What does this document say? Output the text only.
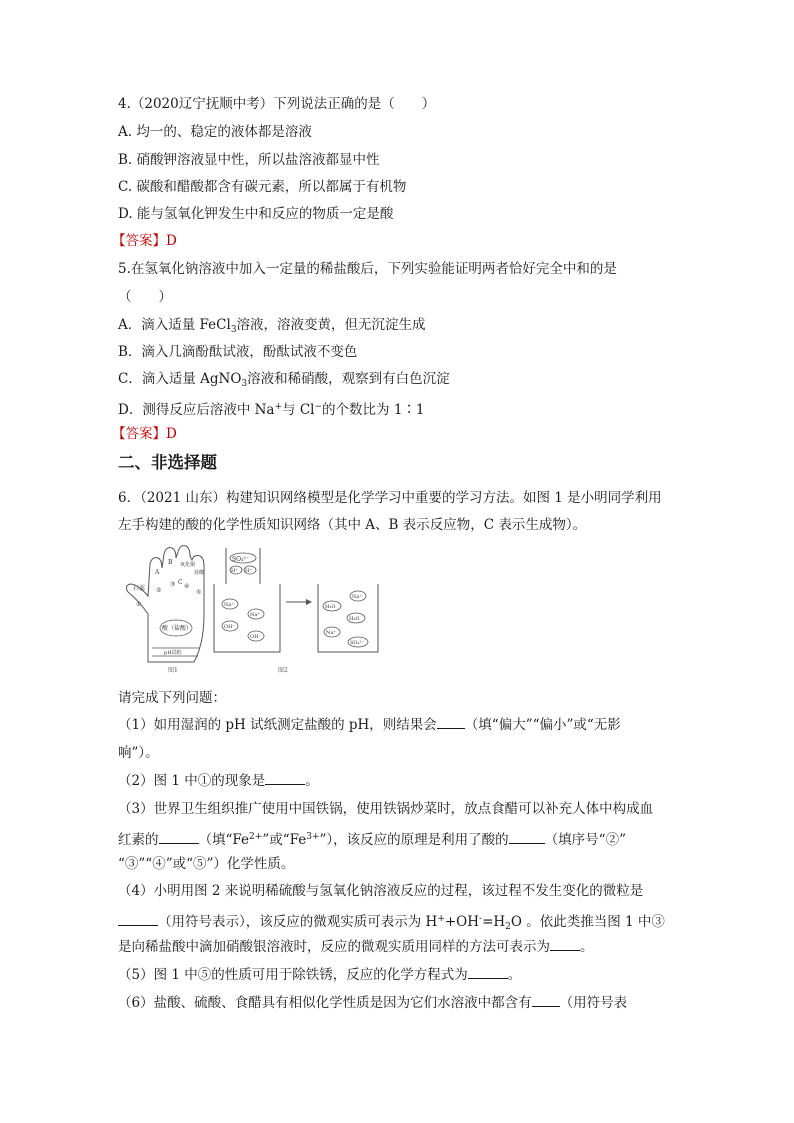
4.（2020辽宁抚顺中考）下列说法正确的是（　　）
A. 均一的、稳定的液体都是溶液
B. 硝酸钾溶液显中性，所以盐溶液都显中性
C. 碳酸和醋酸都含有碳元素，所以都属于有机物
D. 能与氢氧化钾发生中和反应的物质一定是酸
【答案】D
5.在氢氧化钠溶液中加入一定量的稀盐酸后，下列实验能证明两者恰好完全中和的是
（　　）
A．滴入适量 FeCl$_3$溶液，溶液变黄，但无沉淀生成
B．滴入几滴酚酞试液，酚酞试液不变色
C．滴入适量 AgNO$_3$溶液和稀硝酸，观察到有白色沉淀
D．测得反应后溶液中 Na+与 Cl−的个数比为 1∶1
【答案】D
二、非选择题
6．（2021 山东）构建知识网络模型是化学学习中重要的学习方法。如图 1 是小明同学利用
左手构建的酸的化学性质知识网络（其中 A、B 表示反应物，C 表示生成物）。
石蕊
A
B 氧化铜
盐酸
C
酸（盐酸）
①
②
③ ④
⑤
pH试纸
图1
SO₄²⁻
H⁺ H⁺
Na⁺
Na⁺
OH⁻
OH⁻
Na⁺
H₂O
H₂O
Na⁺
SO₄²⁻
图2
请完成下列问题：
（1）如用湿润的 pH 试纸测定盐酸的 pH，则结果会 （填“偏大”“偏小”或“无影
响”）。
（2）图 1 中①的现象是	。
（3）世界卫生组织推广使用中国铁锅，使用铁锅炒菜时，放点食醋可以补充人体中构成血
红素的	（填“$Fe^{2+}$”或“$Fe^{3+}$”），该反应的原理是利用了酸的	（填序号“②”
“③”“④”或“⑤”）化学性质。
（4）小明用图 2 来说明稀硫酸与氢氧化钠溶液反应的过程，该过程不发生变化的微粒是
（用符号表示），该反应的微观实质可表示为 $H^++OH^-=H_2O$ 。依此类推当图 1 中③
是向稀盐酸中滴加硝酸银溶液时，反应的微观实质用同样的方法可表示为 。
（5）图 1 中⑤的性质可用于除铁锈，反应的化学方程式为	。
（6）盐酸、硫酸、食醋具有相似化学性质是因为它们水溶液中都含有 （用符号表
